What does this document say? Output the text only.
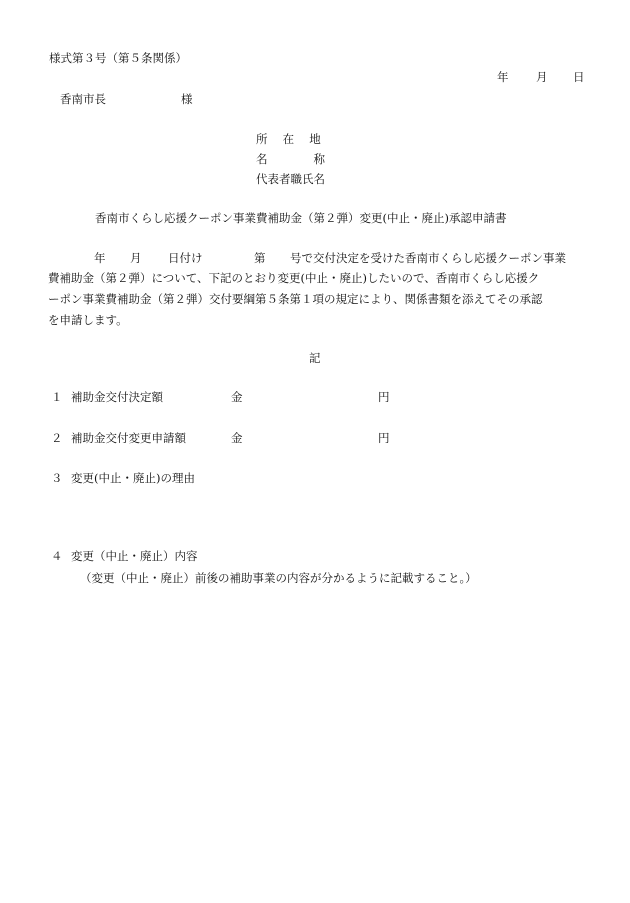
様式第３号（第５条関係）
年 月 日
香南市長	様
所　 在　 地
名　　　　称
代表者職氏名
香南市くらし応援クーポン事業費補助金（第２弾）変更(中止・廃止)承認申請書
年 月 日付け	第 号で交付決定を受けた香南市くらし応援クーポン事業
費補助金（第２弾）について、下記のとおり変更(中止・廃止)したいので、香南市くらし応援ク
ーポン事業費補助金（第２弾）交付要綱第５条第１項の規定により、関係書類を添えてその承認
を申請します。
記
１ 補助金交付決定額	金	円
２ 補助金交付変更申請額	金	円
３ 変更(中止・廃止)の理由
４ 変更（中止・廃止）内容
（変更（中止・廃止）前後の補助事業の内容が分かるように記載すること。）
